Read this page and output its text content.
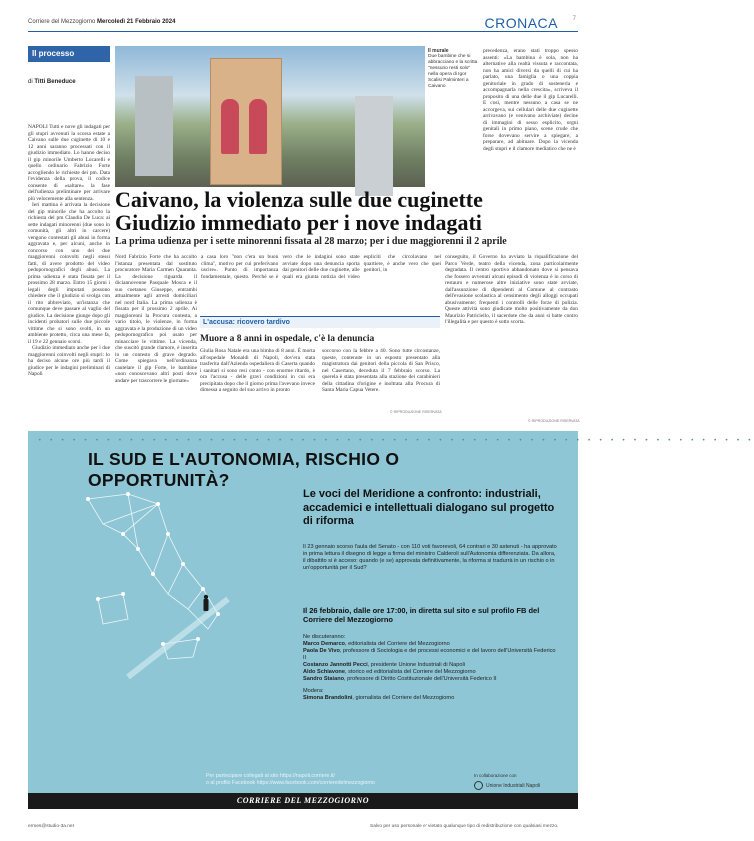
Corriere del Mezzogiorno Mercoledì 21 Febbraio 2024	CRONACA 7
Il processo
di Titti Beneduce

NAPOLI Tutti e nove gli indagati per gli stupri avvenuti la scorsa estate a Caivano sulle due cuginette di 10 e 12 anni saranno processati con il giudizio immediato. Lo hanno deciso il gip minorile Umberto Lucarelli e quello ordinario Fabrizio Forte accogliendo le richieste dei pm. Data l'evidenza della prova, il codice consente di «saltare» la fase dell'udienza preliminare per arrivare più velocemente alla sentenza.

Ieri mattina è arrivata la decisione del gip minorile che ha accolto la richiesta del pm Claudia De Luca: ai sette indagati minorenni (due sono in comunità, gli altri in carcere) vengono contestati gli abusi in forma aggravata e, per alcuni, anche in concorso con uno dei due maggiorenni coinvolti negli stessi fatti, di avere prodotto del video pedopornografici degli abusi. La prima udienza è stata fissata per il prossimo 28 marzo. Entro 15 giorni i legali degli imputati possono chiedere che il giudizio si svolga con il rito abbreviato, un'istanza che comunque deve passare al vaglio del giudice. La decisione giunge dopo gli incidenti probatori sulle due piccole vittime che si sono svolti, in un ambiente protetto, circa una mese fa, il 19 e 22 gennaio scorsi.

Giudizio immediato anche per i due maggiorenni coinvolti negli stupri: lo ha deciso alcune ore più tardi il giudice per le indagini preliminari di Napoli

Il murale
Due bambine che si abbracciano e la scritta "nessuno resti solo" nella opera di Igor Scalisi Palminteri a Caivano

precedenza, erano stati troppo spesso assenti: «La bambina è sola, non ha alternative alla realtà vissuta e raccontata, non ha amici diversi da quelli di cui ha parlato, una famiglia o una coppia genitoriale in grado di sostenerla e accompagnarla nella crescita», scriveva il proposito di una delle due il gip Lucarelli. E così, mentre nessuno a casa se ne accorgeva, sui cellulari delle due cuginette arrivavano (e venivano archiviate) decine di immagini di sesso esplicito, orgni genitali in primo piano, scene crude che forse dovevano servire a spiegare, a preparare, ad abituare. Dopo la vicenda degli stupri e il clamore mediatico che ne è

Caivano, la violenza sulle due cuginette
Giudizio immediato per i nove indagati
La prima udienza per i sette minorenni fissata al 28 marzo; per i due maggiorenni il 2 aprile

Nord Fabrizio Forte che ha accolto l'istanza presentata dal sostituto procuratore Maria Carmen Quaranta. La decisione riguarda il diciannovenne Pasquale Mosca e il suo coetaneo Giuseppe, entrambi attualmente agli arresti domiciliari nel nord Italia. La prima udienza è fissata per il prossimo 2 aprile. Ai maggiorenni la Procura contesta, a vario titolo, le violenze, in forma aggravata e la produzione di un video pedopornografico poi usato per minacciare le vittime. La vicenda, che suscitò grande clamore, è inserita in un contesto di grave degrado. Come spiegava nell'ordinanza cautelare il gip Forte, le bambine «non conoscevano altri posti dove andare per trascorrere le giornate»

a casa loro "non c'era un buon clima", motivo per cui preferivano uscire». Punto di importanza fondamentale, questo. Perché se è vero che le indagini sono state avviate dopo una denuncia sporta dai genitori delle due cuginette, alle quali era giunta notizia del video espliciti che circolavano nel quartiere, è anche vero che quei genitori, in

L'accusa: ricovero tardivo
Muore a 8 anni in ospedale, c'è la denuncia

Giulia Rosa Natale era una bimba di 8 anni. È morta all'ospedale Monaldi di Napoli, dov'era stata trasferita dall'Azienda ospedaliera di Caserta quando i sanitari si sono resi conto - con enorme ritardo, è ora l'accusa - delle gravi condizioni in cui era precipitata dopo che il giorno prima l'avevano invece dimessa a seguito del suo arrivo in pronto

soccorso con la febbre a 40. Sono tutte circostanze, queste, contenute in un esposto presentato alla magistratura dai genitori della piccola di San Prisco, nel Casertano, deceduta il 7 febbraio scorso. La querela è stata presentata alla stazione dei carabinieri della cittadina d'origine e inoltrata alla Procura di Santa Maria Capua Vetere.

© RIPRODUZIONE RISERVATA

conseguito, il Governo ha avviato la riqualificazione del Parco Verde, teatro della vicenda, zona particolarmente degradata. Il centro sportivo abbandonato dove si pensava che fossero avvenuti alcuni episodi di violenza è in corso di restauro e numerose altre iniziative sono state avviate, dall'assunzione di dipendenti al Comune al contrasto dell'evasione scolastica al censimento degli alloggi occupati abusivamente; frequenti i controlli delle forze di polizia. Queste attività sono giudicate molto positivamente da don Maurizio Patriciello, il sacerdote che da anni si batte contro l'illegalità e per questo è sotto scorta.

© RIPRODUZIONE RISERVATA
• • • • • • • • • • • • • • • • • • • • • • • • • • • • • • • • • • • • • • • • • • • • • • • • • • • • • • • • • • • • • • •
IL SUD E L'AUTONOMIA, RISCHIO O OPPORTUNITÀ?
Le voci del Meridione a confronto: industriali, accademici e intellettuali dialogano sul progetto di riforma
Il 23 gennaio scorso l'aula del Senato - con 110 voti favorevoli, 64 contrari e 30 astenuti - ha approvato in prima lettura il disegno di legge a firma del ministro Calderoli sull'Autonomia differenziata. Da allora, il dibattito si è acceso: quando (e se) approvata definitivamente, la riforma si tradurrà in un rischio o in un'opportunità per il Sud?
Il 26 febbraio, dalle ore 17:00, in diretta sul sito e sul profilo FB del Corriere del Mezzogiorno
Ne discuteranno:
Marco Demarco, editorialista del Corriere del Mezzogiorno
Paola De Vivo, professore di Sociologia e dei processi economici e del lavoro dell'Università Federico II
Costanzo Jannotti Pecci, presidente Unione Industriali di Napoli
Aldo Schiavone, storico ed editorialista del Corriere del Mezzogiorno
Sandro Staiano, professore di Diritto Costituzionale dell'Università Federico II
Modera:
Simona Brandolini, giornalista del Corriere del Mezzogiorno
Per partecipare collegati al sito https://napoli.corriere.it/
o al profilo Facebook https://www.facebook.com/corrieredelmezzogiorno
In collaborazione con
Unione Industriali Napoli
CORRIERE DEL MEZZOGIORNO
ermes@studio-3a.net	Salvo per uso personale e' vietato qualunque tipo di redistribuzione con qualsiasi mezzo.
